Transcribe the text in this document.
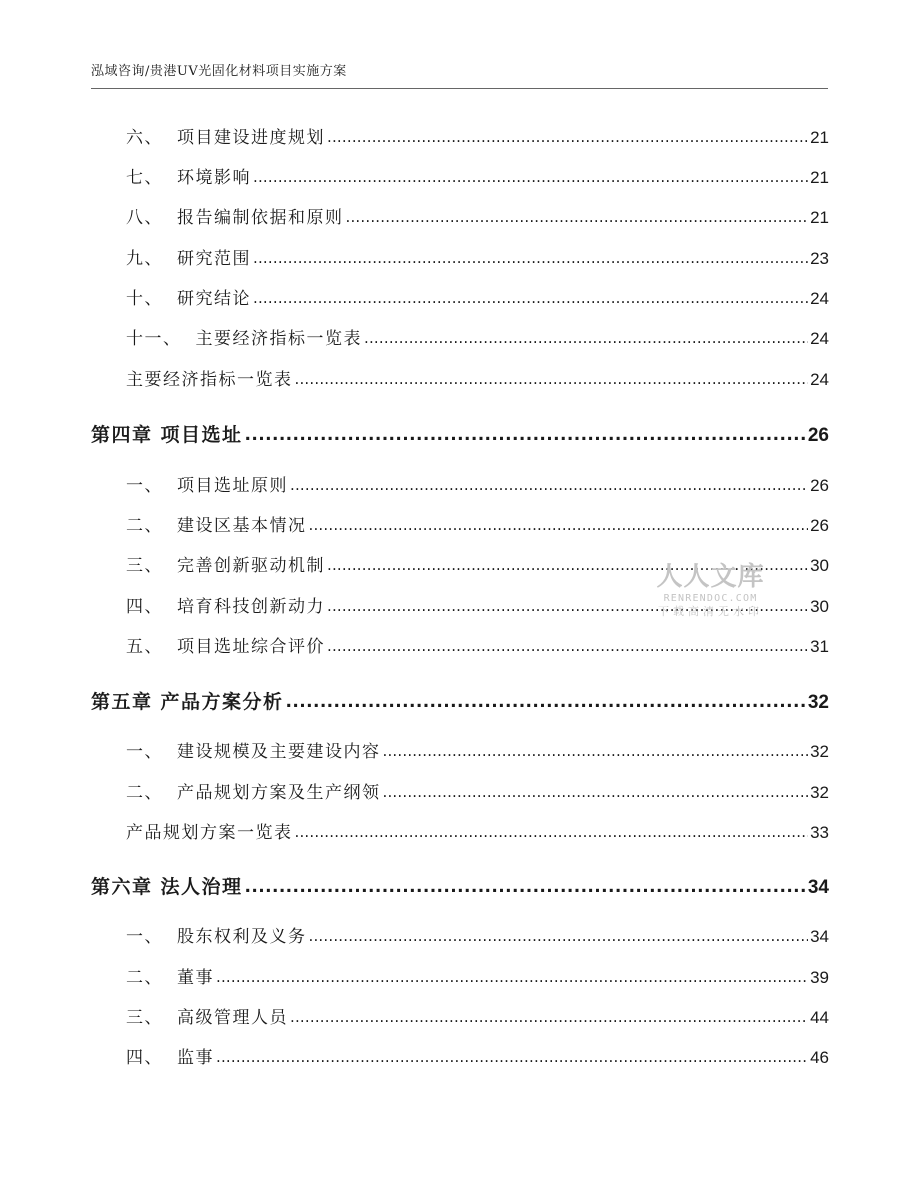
泓域咨询/贵港UV光固化材料项目实施方案
六、 项目建设进度规划 .....	21
七、 环境影响 .....	21
八、 报告编制依据和原则 .....	21
九、 研究范围 .....	23
十、 研究结论 .....	24
十一、 主要经济指标一览表 .....	24
主要经济指标一览表 .....	24
第四章 项目选址 .....	26
一、 项目选址原则 .....	26
二、 建设区基本情况 .....	26
三、 完善创新驱动机制 .....	30
四、 培育科技创新动力 .....	30
五、 项目选址综合评价 .....	31
第五章 产品方案分析 .....	32
一、 建设规模及主要建设内容 .....	32
二、 产品规划方案及生产纲领 .....	32
产品规划方案一览表 .....	33
第六章 法人治理 .....	34
一、 股东权利及义务 .....	34
二、 董事 .....	39
三、 高级管理人员 .....	44
四、 监事 .....	46
人人文库
RENRENDOC.COM
下载高清无水印
